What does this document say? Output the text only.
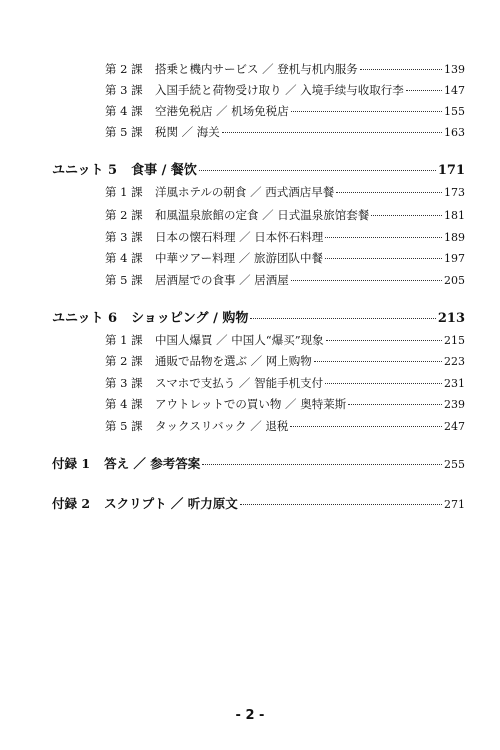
第 2 課	搭乗と機内サービス ／ 登机与机内服务	139
第 3 課	入国手続と荷物受け取り ／ 入境手续与收取行李	147
第 4 課	空港免税店 ／ 机场免税店	155
第 5 課	税関 ／ 海关	163
ユニット 5 食事 / 餐饮	171
第 1 課	洋風ホテルの朝食 ／ 西式酒店早餐	173
第 2 課	和風温泉旅館の定食 ／ 日式温泉旅馆套餐	181
第 3 課	日本の懐石料理 ／ 日本怀石料理	189
第 4 課	中華ツアー料理 ／ 旅游团队中餐	197
第 5 課	居酒屋での食事 ／ 居酒屋	205
ユニット 6 ショッピング / 购物	213
第 1 課	中国人爆買 ／ 中国人“爆买”现象	215
第 2 課	通販で品物を選ぶ ／ 网上购物	223
第 3 課	スマホで支払う ／ 智能手机支付	231
第 4 課	アウトレットでの買い物 ／ 奥特莱斯	239
第 5 課	タックスリバック ／ 退税	247
付録 1 答え ／ 参考答案	255
付録 2 スクリプト ／ 听力原文	271
- 2 -
